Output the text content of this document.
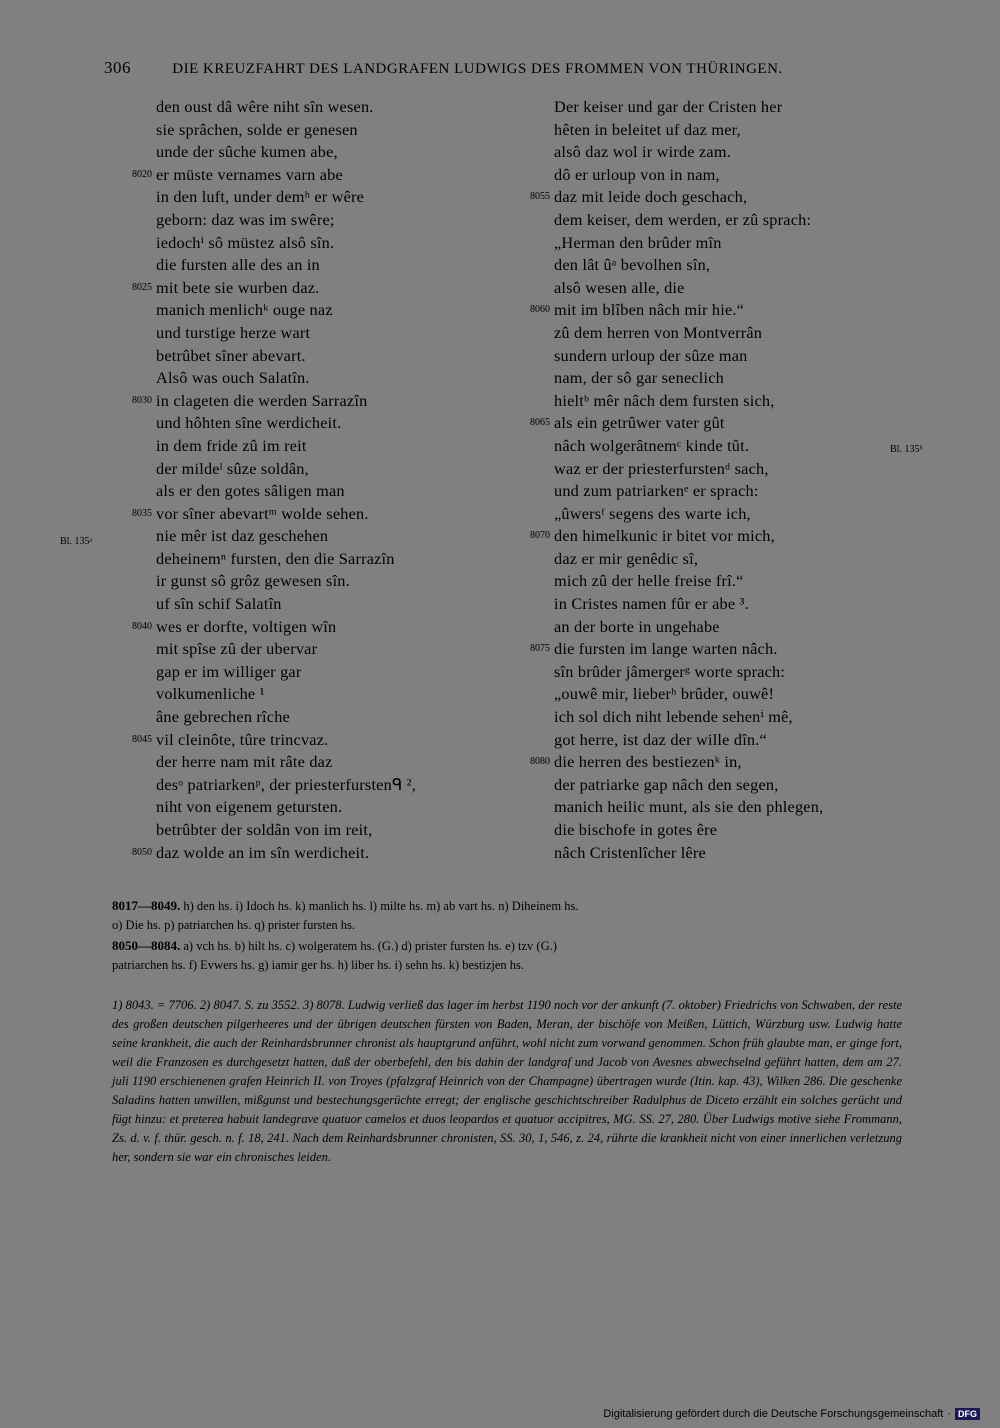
306	DIE KREUZFAHRT DES LANDGRAFEN LUDWIGS DES FROMMEN VON THÜRINGEN.
den oust dâ wêre niht sîn wesen.
sie sprâchen, solde er genesen
unde der sûche kumen abe,
8020 er müste vernames varn abe
in den luft, under demʰ er wêre
geborn: daz was im swêre;
iedochⁱ sô müstez alsô sîn.
die fursten alle des an in
8025 mit bete sie wurben daz.
manich menlichᵏ ouge naz
und turstige herze wart
betrûbet sîner abevart.
Alsô was ouch Salatîn.
8030 in clageten die werden Sarrazîn
und hôhten sîne werdicheit.
in dem fride zû im reit
der mildeˡ sûze soldân,
als er den gotes sâligen man
8035 vor sîner abevartᵐ wolde sehen.
nie mêr ist daz geschehen
deheinemⁿ fursten, den die Sarrazîn
ir gunst sô grôz gewesen sîn.
uf sîn schif Salatîn
8040 wes er dorfte, voltigen wîn
mit spîse zû der ubervar
gap er im williger gar
volkumenliche ¹
âne gebrechen rîche
8045 vil cleinôte, tûre trincvaz.
der herre nam mit râte daz
desᵒ patriarkenᵖ, der priesterfurstenᑫ ²,
niht von eigenem getursten.
betrûbter der soldân von im reit,
8050 daz wolde an im sîn werdicheit.
Der keiser und gar der Cristen her
hêten in beleitet uf daz mer,
alsô daz wol ir wirde zam.
dô er urloup von in nam,
8055 daz mit leide doch geschach,
dem keiser, dem werden, er zû sprach:
„Herman den brûder mîn
den lât ûᵃ bevolhen sîn,
alsô wesen alle, die
8060 mit im blîben nâch mir hie.“
zû dem herren von Montverrân
sundern urloup der sûze man
nam, der sô gar seneclich
hieltᵇ mêr nâch dem fursten sich,
8065 als ein getrûwer vater gût
nâch wolgerâtnemᶜ kinde tût.
waz er der priesterfurstenᵈ sach,
und zum patriarkenᵉ er sprach:
„ûwersᶠ segens des warte ich,
8070 den himelkunic ir bitet vor mich,
daz er mir genêdic sî,
mich zû der helle freise frî.“
in Cristes namen fûr er abe ³.
an der borte in ungehabe
8075 die fursten im lange warten nâch.
sîn brûder jâmergerᵍ worte sprach:
„ouwê mir, lieberʰ brûder, ouwê!
ich sol dich niht lebende sehenⁱ mê,
got herre, ist daz der wille dîn.“
8080 die herren des bestiezenᵏ in,
der patriarke gap nâch den segen,
manich heilic munt, als sie den phlegen,
die bischofe in gotes êre
nâch Cristenlîcher lêre
Bl. 135ᵃ
Bl. 135ᵇ
8017—8049. h) den hs. i) Idoch hs. k) manlich hs. l) milte hs. m) ab vart hs. n) Diheinem hs.
o) Die hs. p) patriarchen hs. q) prister fursten hs.
8050—8084. a) vch hs. b) hilt hs. c) wolgeratem hs. (G.) d) prister fursten hs. e) tzv (G.)
patriarchen hs. f) Evwers hs. g) iamir ger hs. h) liber hs. i) sehn hs. k) bestizjen hs.
1) 8043. = 7706. 2) 8047. S. zu 3552. 3) 8078. Ludwig verließ das lager im herbst 1190 noch vor der ankunft (7. oktober) Friedrichs von Schwaben, der reste des großen deutschen pilgerheeres und der übrigen deutschen fürsten von Baden, Meran, der bischöfe von Meißen, Lüttich, Würzburg usw. Ludwig hatte seine krankheit, die auch der Reinhardsbrunner chronist als hauptgrund anführt, wohl nicht zum vorwand genommen. Schon früh glaubte man, er ginge fort, weil die Franzosen es durchgesetzt hatten, daß der oberbefehl, den bis dahin der landgraf und Jacob von Avesnes abwechselnd geführt hatten, dem am 27. juli 1190 erschienenen grafen Heinrich II. von Troyes (pfalzgraf Heinrich von der Champagne) übertragen wurde (Itin. kap. 43), Wilken 286. Die geschenke Saladins hatten unwillen, mißgunst und bestechungsgerüchte erregt; der englische geschichtschreiber Radulphus de Diceto erzählt ein solches gerücht und fügt hinzu: et preterea habuit landegrave quatuor camelos et duos leopardos et quatuor accipitres, MG. SS. 27, 280. Über Ludwigs motive siehe Frommann, Zs. d. v. f. thür. gesch. n. f. 18, 241. Nach dem Reinhardsbrunner chronisten, SS. 30, 1, 546, z. 24, rührte die krankheit nicht von einer innerlichen verletzung her, sondern sie war ein chronisches leiden.
Digitalisierung gefördert durch die Deutsche Forschungsgemeinschaft · DFG
